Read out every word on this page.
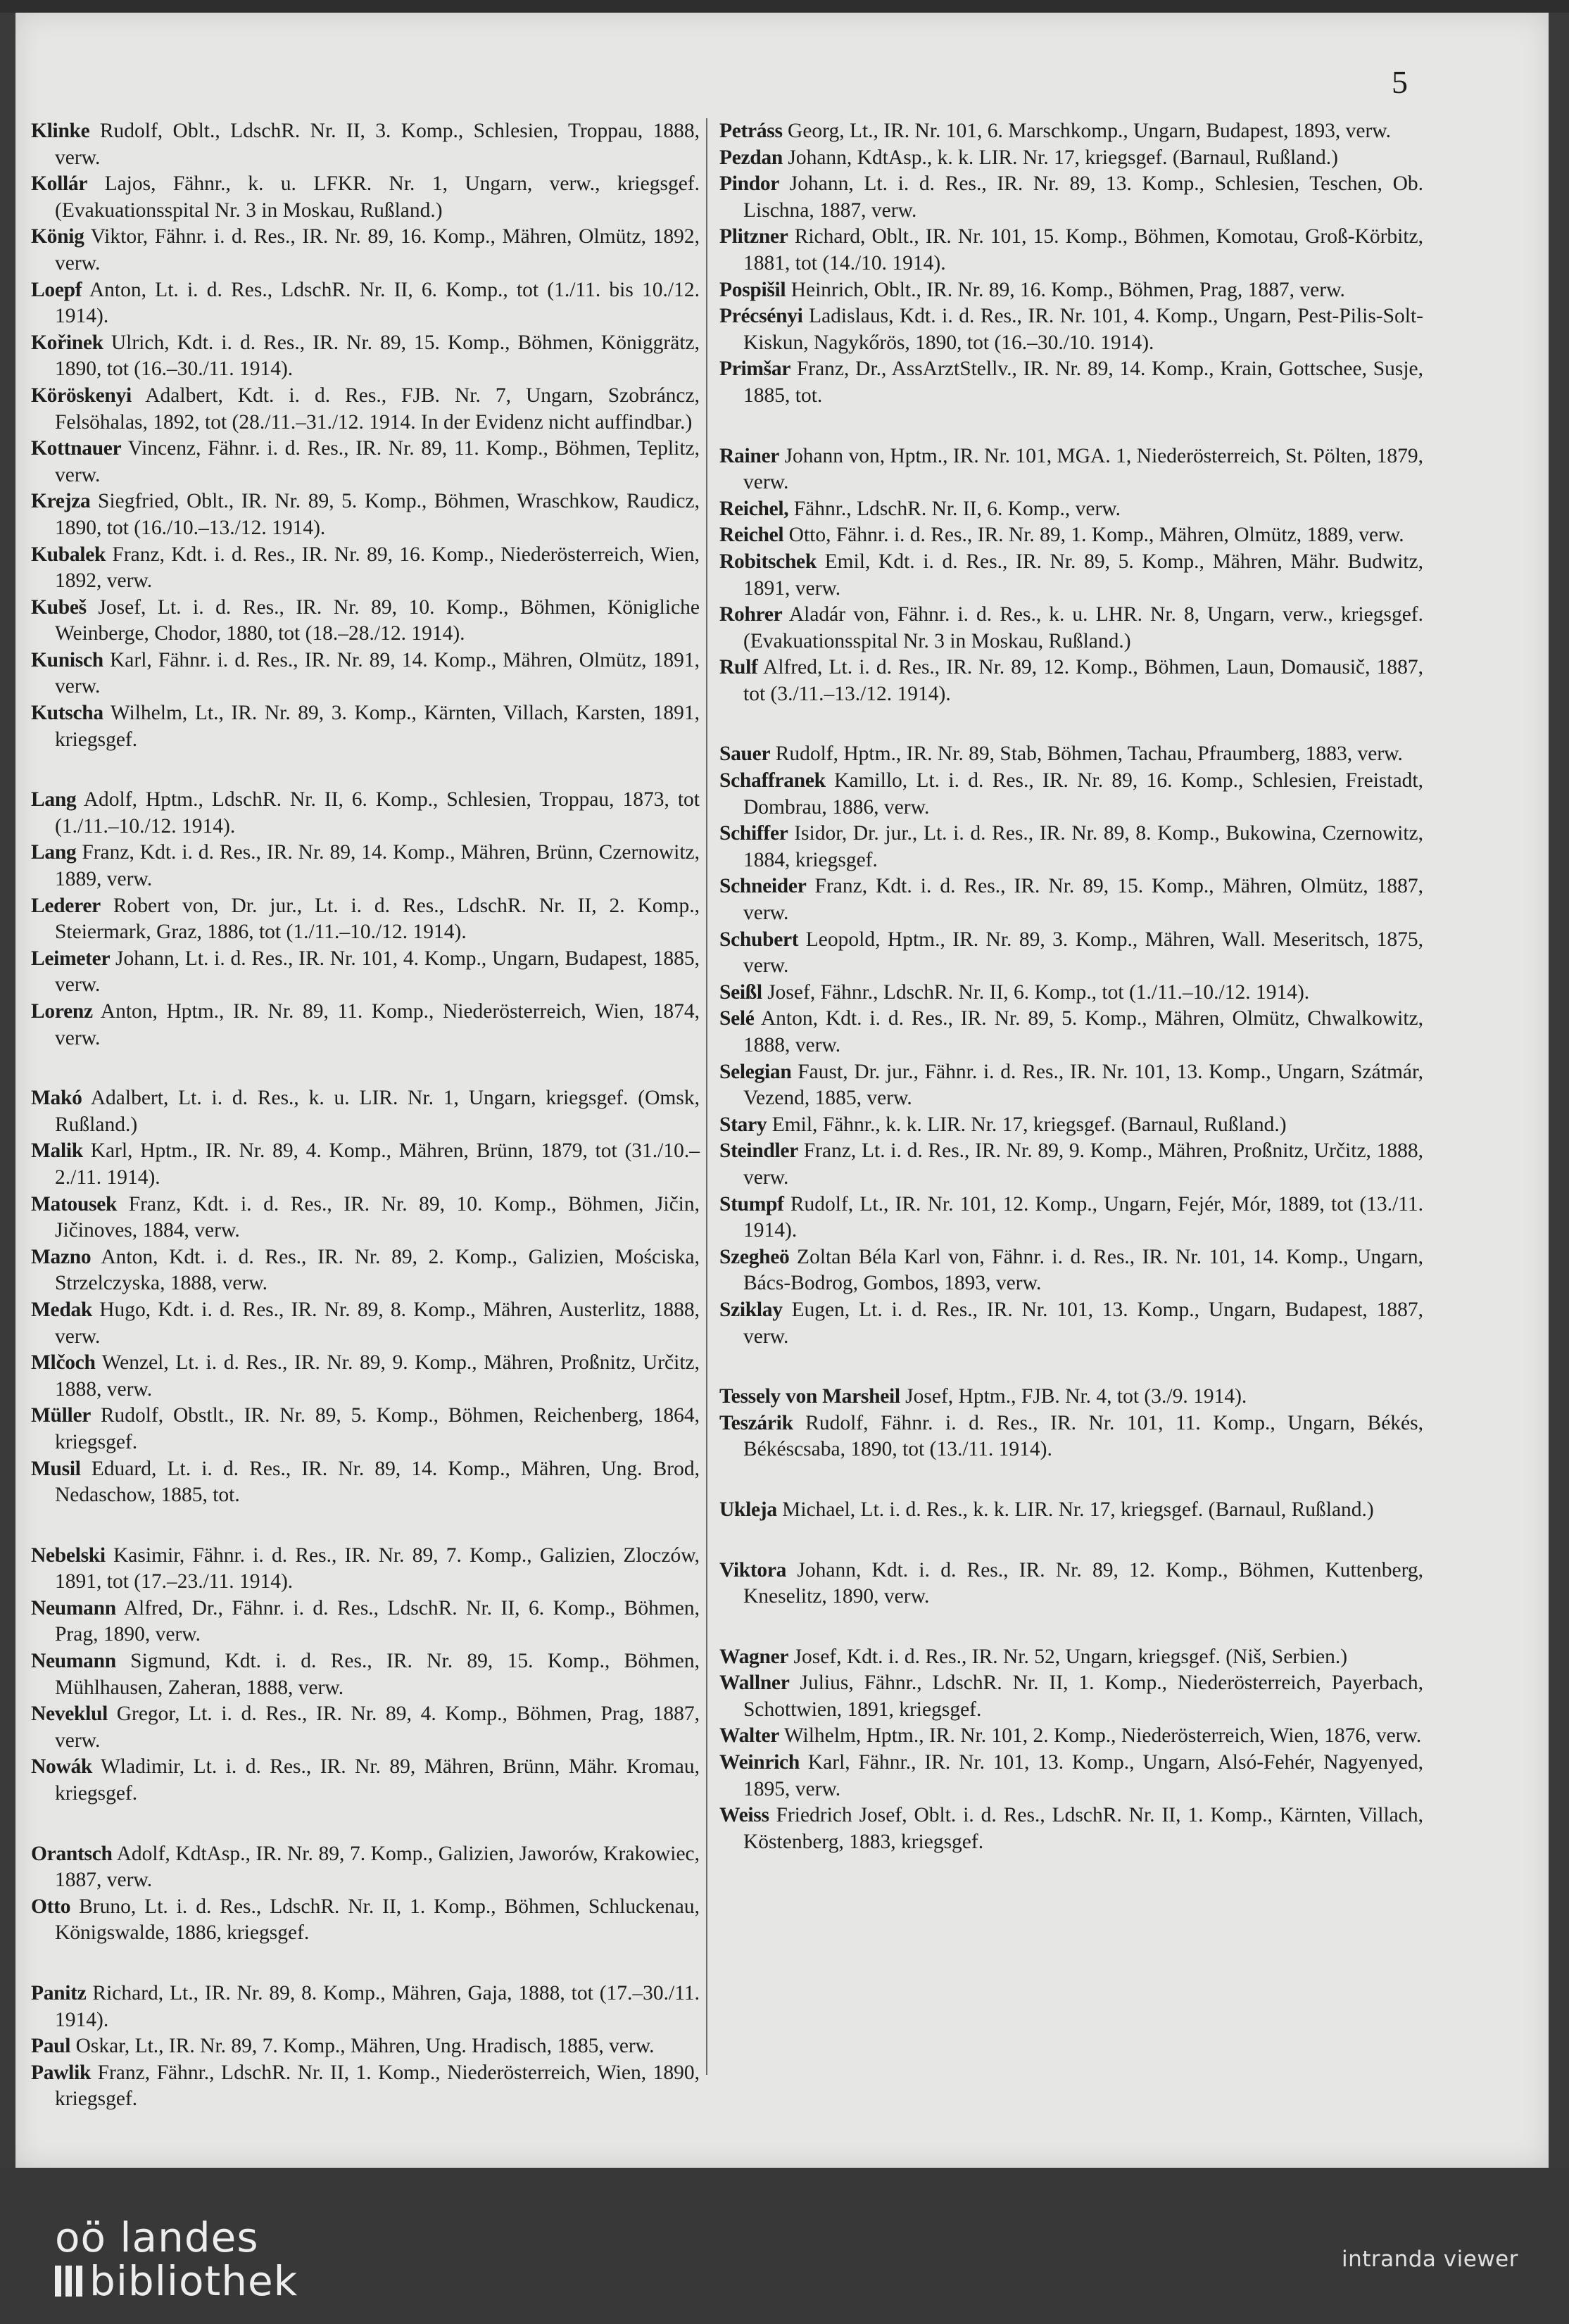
5

Klinke Rudolf, Oblt., LdschR. Nr. II, 3. Komp., Schlesien, Troppau, 1888, verw.

Kollár Lajos, Fähnr., k. u. LFKR. Nr. 1, Ungarn, verw., kriegsgef. (Evakuationsspital Nr. 3 in Moskau, Rußland.)

König Viktor, Fähnr. i. d. Res., IR. Nr. 89, 16. Komp., Mähren, Olmütz, 1892, verw.

Loepf Anton, Lt. i. d. Res., LdschR. Nr. II, 6. Komp., tot (1./11. bis 10./12. 1914).

Kořinek Ulrich, Kdt. i. d. Res., IR. Nr. 89, 15. Komp., Böhmen, Königgrätz, 1890, tot (16.–30./11. 1914).

Köröskenyi Adalbert, Kdt. i. d. Res., FJB. Nr. 7, Ungarn, Szobráncz, Felsöhalas, 1892, tot (28./11.–31./12. 1914. In der Evidenz nicht auffindbar.)

Kottnauer Vincenz, Fähnr. i. d. Res., IR. Nr. 89, 11. Komp., Böhmen, Teplitz, verw.

Krejza Siegfried, Oblt., IR. Nr. 89, 5. Komp., Böhmen, Wraschkow, Raudicz, 1890, tot (16./10.–13./12. 1914).

Kubalek Franz, Kdt. i. d. Res., IR. Nr. 89, 16. Komp., Niederösterreich, Wien, 1892, verw.

Kubeš Josef, Lt. i. d. Res., IR. Nr. 89, 10. Komp., Böhmen, Königliche Weinberge, Chodor, 1880, tot (18.–28./12. 1914).

Kunisch Karl, Fähnr. i. d. Res., IR. Nr. 89, 14. Komp., Mähren, Olmütz, 1891, verw.

Kutscha Wilhelm, Lt., IR. Nr. 89, 3. Komp., Kärnten, Villach, Karsten, 1891, kriegsgef.

Lang Adolf, Hptm., LdschR. Nr. II, 6. Komp., Schlesien, Troppau, 1873, tot (1./11.–10./12. 1914).

Lang Franz, Kdt. i. d. Res., IR. Nr. 89, 14. Komp., Mähren, Brünn, Czernowitz, 1889, verw.

Lederer Robert von, Dr. jur., Lt. i. d. Res., LdschR. Nr. II, 2. Komp., Steiermark, Graz, 1886, tot (1./11.–10./12. 1914).

Leimeter Johann, Lt. i. d. Res., IR. Nr. 101, 4. Komp., Ungarn, Budapest, 1885, verw.

Lorenz Anton, Hptm., IR. Nr. 89, 11. Komp., Niederösterreich, Wien, 1874, verw.

Makó Adalbert, Lt. i. d. Res., k. u. LIR. Nr. 1, Ungarn, kriegsgef. (Omsk, Rußland.)

Malik Karl, Hptm., IR. Nr. 89, 4. Komp., Mähren, Brünn, 1879, tot (31./10.–2./11. 1914).

Matousek Franz, Kdt. i. d. Res., IR. Nr. 89, 10. Komp., Böhmen, Jičin, Jičinoves, 1884, verw.

Mazno Anton, Kdt. i. d. Res., IR. Nr. 89, 2. Komp., Galizien, Mościska, Strzelczyska, 1888, verw.

Medak Hugo, Kdt. i. d. Res., IR. Nr. 89, 8. Komp., Mähren, Austerlitz, 1888, verw.

Mlčoch Wenzel, Lt. i. d. Res., IR. Nr. 89, 9. Komp., Mähren, Proßnitz, Určitz, 1888, verw.

Müller Rudolf, Obstlt., IR. Nr. 89, 5. Komp., Böhmen, Reichenberg, 1864, kriegsgef.

Musil Eduard, Lt. i. d. Res., IR. Nr. 89, 14. Komp., Mähren, Ung. Brod, Nedaschow, 1885, tot.

Nebelski Kasimir, Fähnr. i. d. Res., IR. Nr. 89, 7. Komp., Galizien, Zloczów, 1891, tot (17.–23./11. 1914).

Neumann Alfred, Dr., Fähnr. i. d. Res., LdschR. Nr. II, 6. Komp., Böhmen, Prag, 1890, verw.

Neumann Sigmund, Kdt. i. d. Res., IR. Nr. 89, 15. Komp., Böhmen, Mühlhausen, Zaheran, 1888, verw.

Neveklul Gregor, Lt. i. d. Res., IR. Nr. 89, 4. Komp., Böhmen, Prag, 1887, verw.

Nowák Wladimir, Lt. i. d. Res., IR. Nr. 89, Mähren, Brünn, Mähr. Kromau, kriegsgef.

Orantsch Adolf, KdtAsp., IR. Nr. 89, 7. Komp., Galizien, Jaworów, Krakowiec, 1887, verw.

Otto Bruno, Lt. i. d. Res., LdschR. Nr. II, 1. Komp., Böhmen, Schluckenau, Königswalde, 1886, kriegsgef.

Panitz Richard, Lt., IR. Nr. 89, 8. Komp., Mähren, Gaja, 1888, tot (17.–30./11. 1914).

Paul Oskar, Lt., IR. Nr. 89, 7. Komp., Mähren, Ung. Hradisch, 1885, verw.

Pawlik Franz, Fähnr., LdschR. Nr. II, 1. Komp., Niederösterreich, Wien, 1890, kriegsgef.

Petráss Georg, Lt., IR. Nr. 101, 6. Marschkomp., Ungarn, Budapest, 1893, verw.

Pezdan Johann, KdtAsp., k. k. LIR. Nr. 17, kriegsgef. (Barnaul, Rußland.)

Pindor Johann, Lt. i. d. Res., IR. Nr. 89, 13. Komp., Schlesien, Teschen, Ob. Lischna, 1887, verw.

Plitzner Richard, Oblt., IR. Nr. 101, 15. Komp., Böhmen, Komotau, Groß-Körbitz, 1881, tot (14./10. 1914).

Pospišil Heinrich, Oblt., IR. Nr. 89, 16. Komp., Böhmen, Prag, 1887, verw.

Précsényi Ladislaus, Kdt. i. d. Res., IR. Nr. 101, 4. Komp., Ungarn, Pest-Pilis-Solt-Kiskun, Nagykőrös, 1890, tot (16.–30./10. 1914).

Primšar Franz, Dr., AssArztStellv., IR. Nr. 89, 14. Komp., Krain, Gottschee, Susje, 1885, tot.

Rainer Johann von, Hptm., IR. Nr. 101, MGA. 1, Niederösterreich, St. Pölten, 1879, verw.

Reichel, Fähnr., LdschR. Nr. II, 6. Komp., verw.

Reichel Otto, Fähnr. i. d. Res., IR. Nr. 89, 1. Komp., Mähren, Olmütz, 1889, verw.

Robitschek Emil, Kdt. i. d. Res., IR. Nr. 89, 5. Komp., Mähren, Mähr. Budwitz, 1891, verw.

Rohrer Aladár von, Fähnr. i. d. Res., k. u. LHR. Nr. 8, Ungarn, verw., kriegsgef. (Evakuationsspital Nr. 3 in Moskau, Rußland.)

Rulf Alfred, Lt. i. d. Res., IR. Nr. 89, 12. Komp., Böhmen, Laun, Domausič, 1887, tot (3./11.–13./12. 1914).

Sauer Rudolf, Hptm., IR. Nr. 89, Stab, Böhmen, Tachau, Pfraumberg, 1883, verw.

Schaffranek Kamillo, Lt. i. d. Res., IR. Nr. 89, 16. Komp., Schlesien, Freistadt, Dombrau, 1886, verw.

Schiffer Isidor, Dr. jur., Lt. i. d. Res., IR. Nr. 89, 8. Komp., Bukowina, Czernowitz, 1884, kriegsgef.

Schneider Franz, Kdt. i. d. Res., IR. Nr. 89, 15. Komp., Mähren, Olmütz, 1887, verw.

Schubert Leopold, Hptm., IR. Nr. 89, 3. Komp., Mähren, Wall. Meseritsch, 1875, verw.

Seißl Josef, Fähnr., LdschR. Nr. II, 6. Komp., tot (1./11.–10./12. 1914).

Selé Anton, Kdt. i. d. Res., IR. Nr. 89, 5. Komp., Mähren, Olmütz, Chwalkowitz, 1888, verw.

Selegian Faust, Dr. jur., Fähnr. i. d. Res., IR. Nr. 101, 13. Komp., Ungarn, Szátmár, Vezend, 1885, verw.

Stary Emil, Fähnr., k. k. LIR. Nr. 17, kriegsgef. (Barnaul, Rußland.)

Steindler Franz, Lt. i. d. Res., IR. Nr. 89, 9. Komp., Mähren, Proßnitz, Určitz, 1888, verw.

Stumpf Rudolf, Lt., IR. Nr. 101, 12. Komp., Ungarn, Fejér, Mór, 1889, tot (13./11. 1914).

Szegheö Zoltan Béla Karl von, Fähnr. i. d. Res., IR. Nr. 101, 14. Komp., Ungarn, Bács-Bodrog, Gombos, 1893, verw.

Sziklay Eugen, Lt. i. d. Res., IR. Nr. 101, 13. Komp., Ungarn, Budapest, 1887, verw.

Tessely von Marsheil Josef, Hptm., FJB. Nr. 4, tot (3./9. 1914).

Teszárik Rudolf, Fähnr. i. d. Res., IR. Nr. 101, 11. Komp., Ungarn, Békés, Békéscsaba, 1890, tot (13./11. 1914).

Ukleja Michael, Lt. i. d. Res., k. k. LIR. Nr. 17, kriegsgef. (Barnaul, Rußland.)

Viktora Johann, Kdt. i. d. Res., IR. Nr. 89, 12. Komp., Böhmen, Kuttenberg, Kneselitz, 1890, verw.

Wagner Josef, Kdt. i. d. Res., IR. Nr. 52, Ungarn, kriegsgef. (Niš, Serbien.)

Wallner Julius, Fähnr., LdschR. Nr. II, 1. Komp., Niederösterreich, Payerbach, Schottwien, 1891, kriegsgef.

Walter Wilhelm, Hptm., IR. Nr. 101, 2. Komp., Niederösterreich, Wien, 1876, verw.

Weinrich Karl, Fähnr., IR. Nr. 101, 13. Komp., Ungarn, Alsó-Fehér, Nagyenyed, 1895, verw.

Weiss Friedrich Josef, Oblt. i. d. Res., LdschR. Nr. II, 1. Komp., Kärnten, Villach, Köstenberg, 1883, kriegsgef.

oö landes
bibliothek	intranda viewer
